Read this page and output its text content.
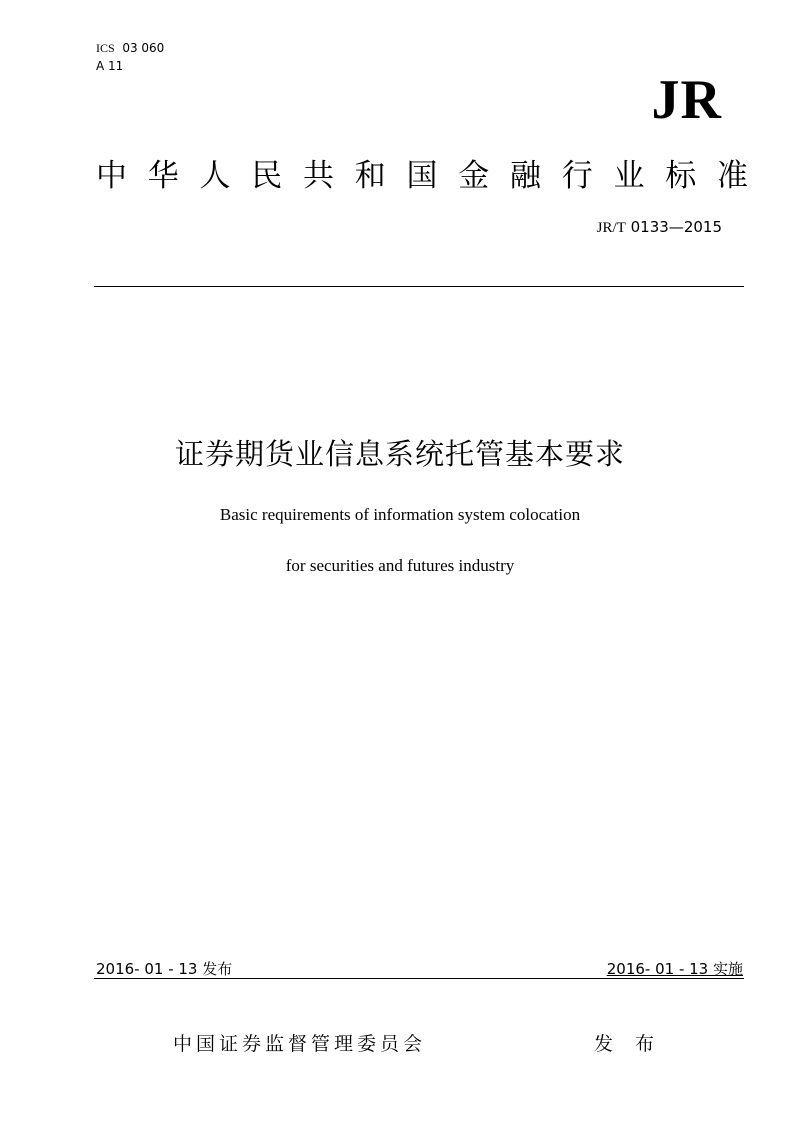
ICS 03 060
A 11
JR
中 华 人 民 共 和 国 金 融 行 业 标 准
JR/T 0133—2015
证券期货业信息系统托管基本要求
Basic requirements of information system colocation
for securities and futures industry
2016- 01 - 13 发布	2016- 01 - 13 实施
中国证券监督管理委员会	发 布
